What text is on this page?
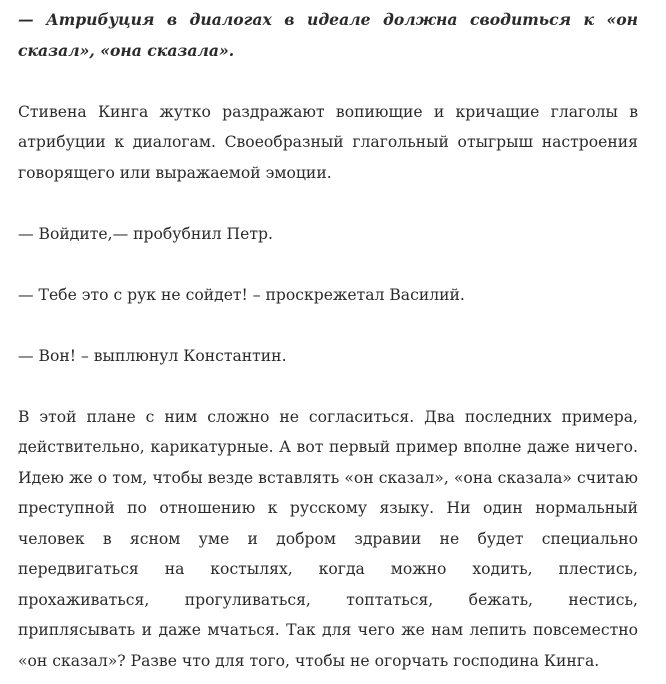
— Атрибуция в диалогах в идеале должна сводиться к «он сказал», «она сказала».

Стивена Кинга жутко раздражают вопиющие и кричащие глаголы в атрибуции к диалогам. Своеобразный глагольный отыгрыш настроения говорящего или выражаемой эмоции.

— Войдите,— пробубнил Петр.

— Тебе это с рук не сойдет! – проскрежетал Василий.

— Вон! – выплюнул Константин.

В этой плане с ним сложно не согласиться. Два последних примера, действительно, карикатурные. А вот первый пример вполне даже ничего. Идею же о том, чтобы везде вставлять «он сказал», «она сказала» считаю преступной по отношению к русскому языку. Ни один нормальный человек в ясном уме и добром здравии не будет специально передвигаться на костылях, когда можно ходить, плестись, прохаживаться, прогуливаться, топтаться, бежать, нестись, приплясывать и даже мчаться. Так для чего же нам лепить повсеместно «он сказал»? Разве что для того, чтобы не огорчать господина Кинга.
